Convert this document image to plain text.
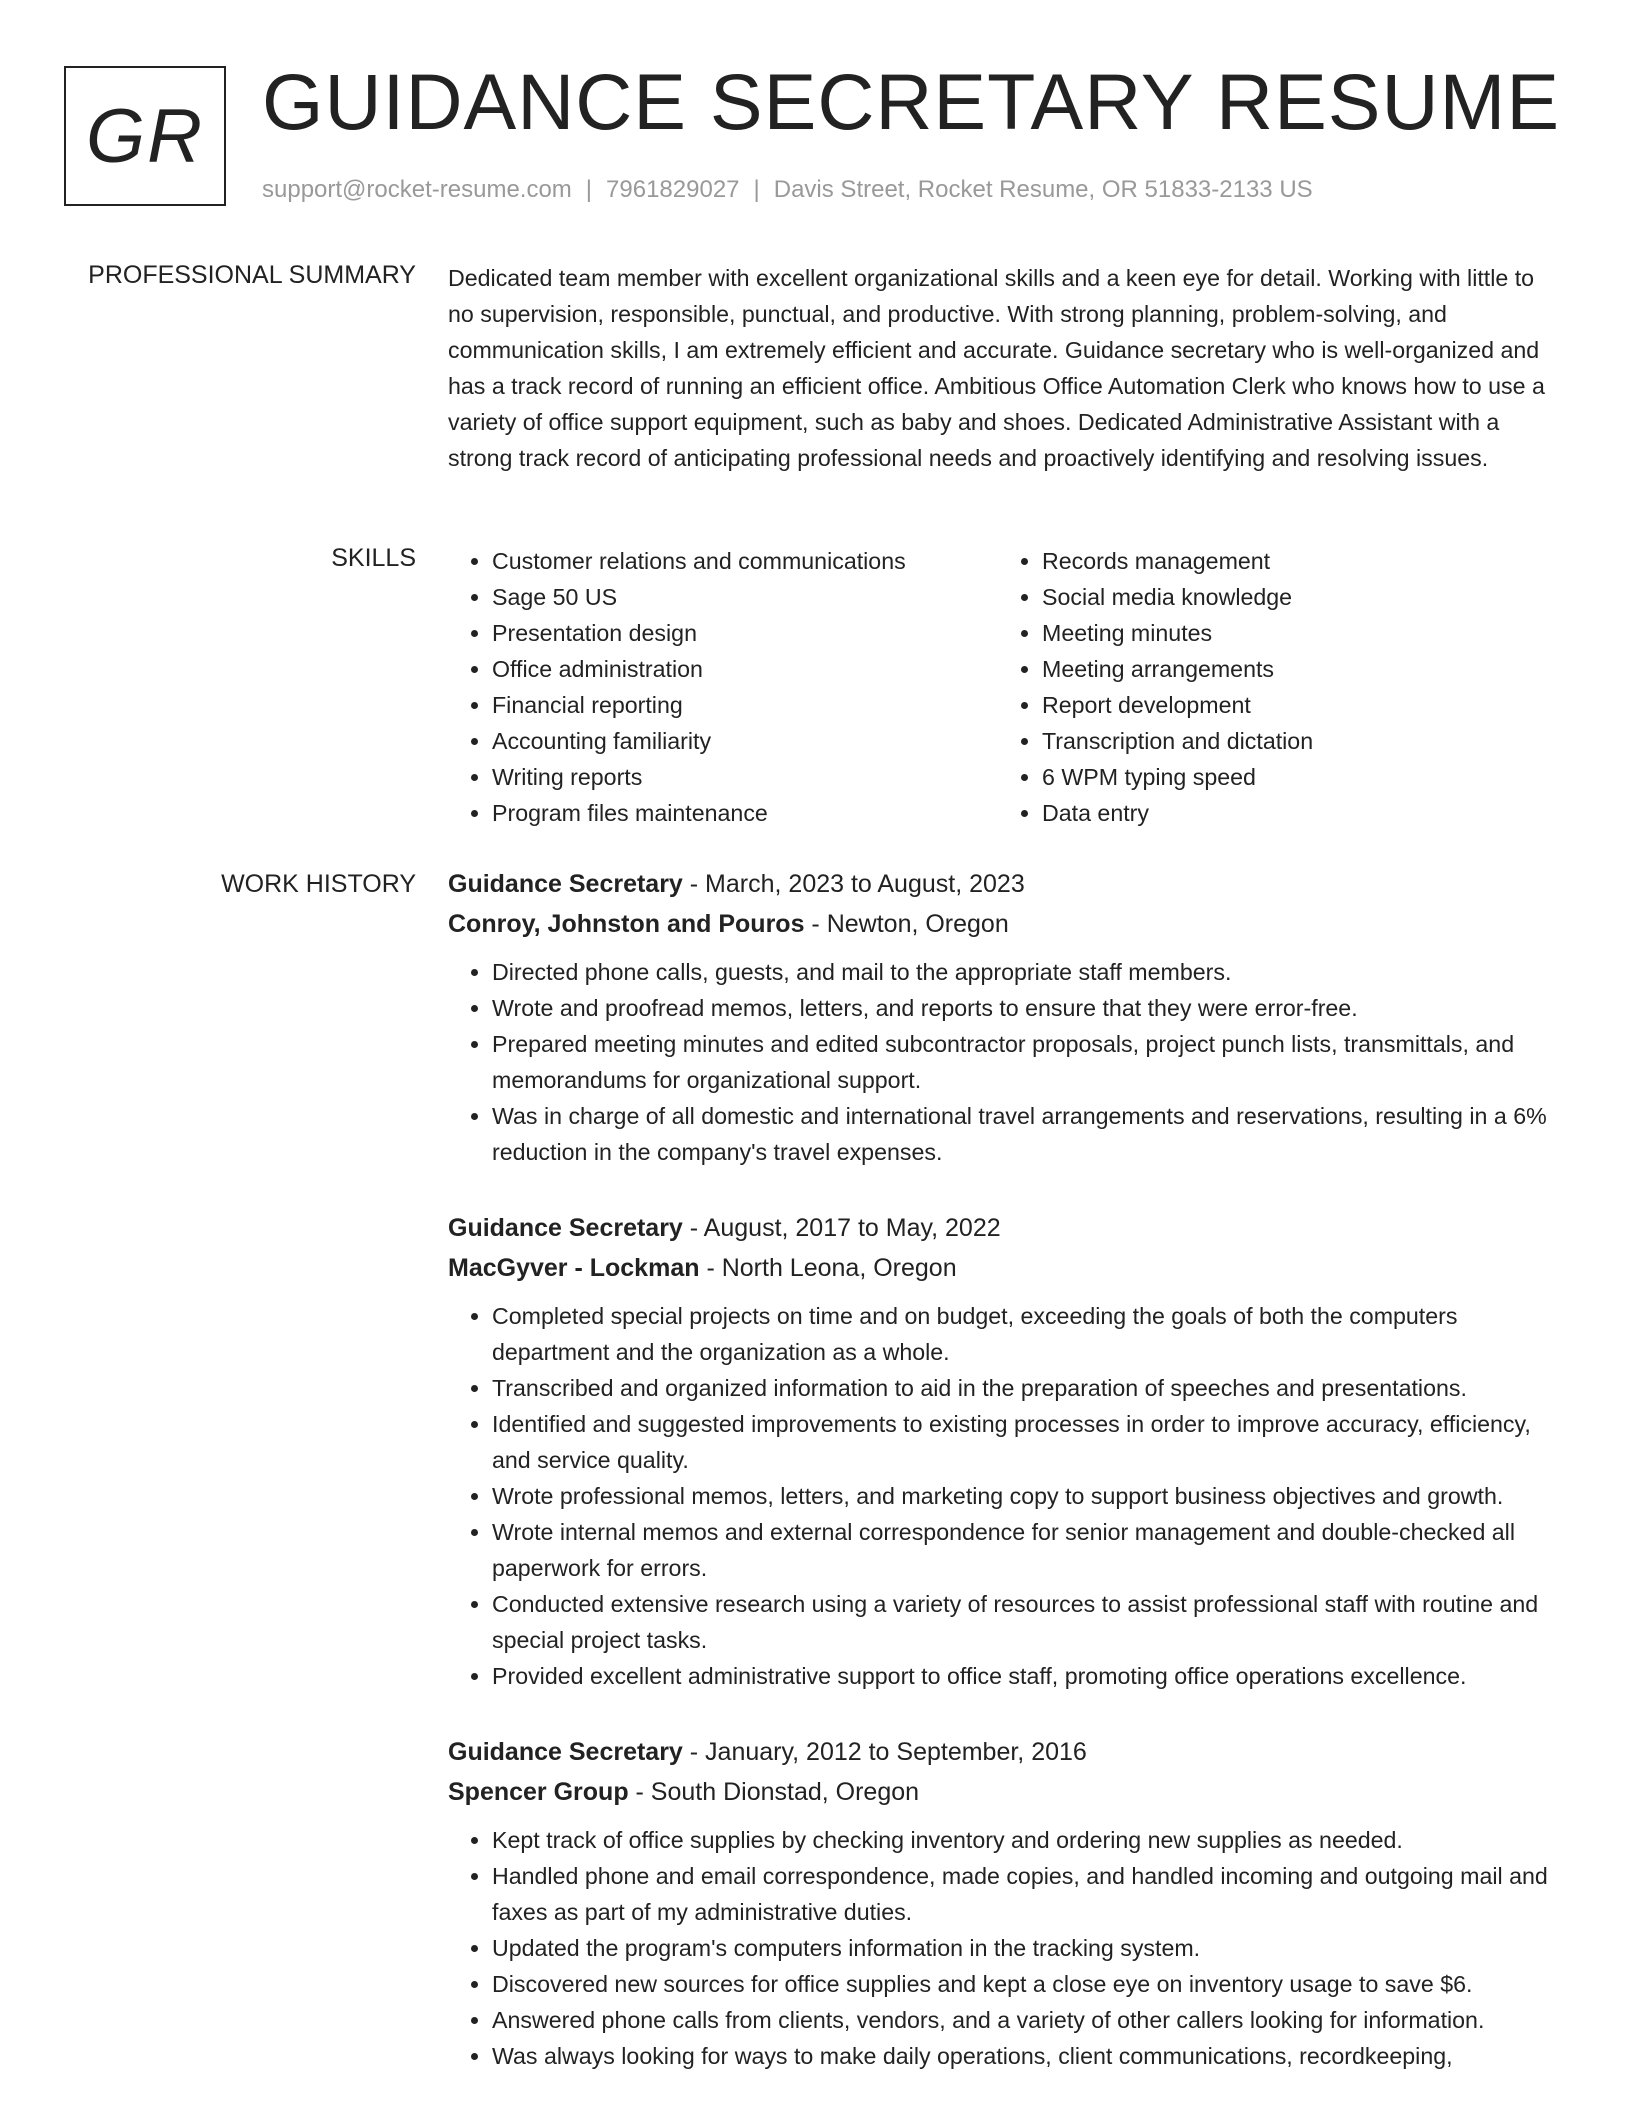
GR GUIDANCE SECRETARY RESUME
support@rocket-resume.com | 7961829027 | Davis Street, Rocket Resume, OR 51833-2133 US
PROFESSIONAL SUMMARY Dedicated team member with excellent organizational skills and a keen eye for detail. Working with little to no supervision, responsible, punctual, and productive. With strong planning, problem-solving, and communication skills, I am extremely efficient and accurate. Guidance secretary who is well-organized and has a track record of running an efficient office. Ambitious Office Automation Clerk who knows how to use a variety of office support equipment, such as baby and shoes. Dedicated Administrative Assistant with a strong track record of anticipating professional needs and proactively identifying and resolving issues.

SKILLS
•	Customer relations and communications
• Sage 50 US
• Presentation design
• Office administration
• Financial reporting
• Accounting familiarity
• Writing reports
• Program files maintenance
• Records management
• Social media knowledge
• Meeting minutes
• Meeting arrangements
• Report development
• Transcription and dictation
• 6 WPM typing speed
• Data entry
WORK HISTORY Guidance Secretary - March, 2023 to August, 2023
Conroy, Johnston and Pouros - Newton, Oregon
• Directed phone calls, guests, and mail to the appropriate staff members.
• Wrote and proofread memos, letters, and reports to ensure that they were error-free.
• Prepared meeting minutes and edited subcontractor proposals, project punch lists, transmittals, and memorandums for organizational support.
• Was in charge of all domestic and international travel arrangements and reservations, resulting in a 6% reduction in the company's travel expenses.
Guidance Secretary - August, 2017 to May, 2022
MacGyver - Lockman - North Leona, Oregon
• Completed special projects on time and on budget, exceeding the goals of both the computers department and the organization as a whole.
• Transcribed and organized information to aid in the preparation of speeches and presentations.
• Identified and suggested improvements to existing processes in order to improve accuracy, efficiency, and service quality.
• Wrote professional memos, letters, and marketing copy to support business objectives and growth.
• Wrote internal memos and external correspondence for senior management and double-checked all paperwork for errors.
• Conducted extensive research using a variety of resources to assist professional staff with routine and special project tasks.
• Provided excellent administrative support to office staff, promoting office operations excellence.
Guidance Secretary - January, 2012 to September, 2016
Spencer Group - South Dionstad, Oregon
• Kept track of office supplies by checking inventory and ordering new supplies as needed.
• Handled phone and email correspondence, made copies, and handled incoming and outgoing mail and faxes as part of my administrative duties.
• Updated the program's computers information in the tracking system.
• Discovered new sources for office supplies and kept a close eye on inventory usage to save $6.
• Answered phone calls from clients, vendors, and a variety of other callers looking for information.
• Was always looking for ways to make daily operations, client communications, recordkeeping,
